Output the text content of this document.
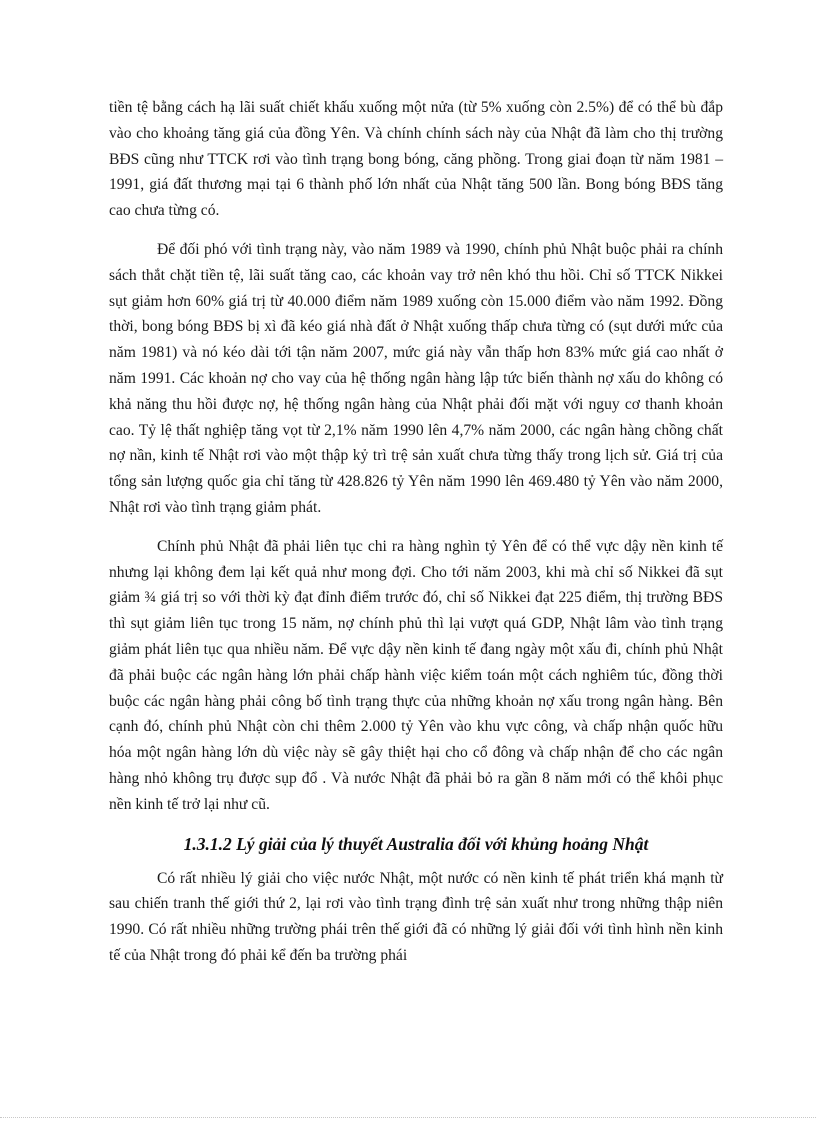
tiền tệ bằng cách hạ lãi suất chiết khấu xuống một nửa (từ 5% xuống còn 2.5%) để có thể bù đắp vào cho khoảng tăng giá của đồng Yên. Và chính chính sách này của Nhật đã làm cho thị trường BĐS cũng như TTCK rơi vào tình trạng bong bóng, căng phồng. Trong giai đoạn từ năm 1981 – 1991, giá đất thương mại tại 6 thành phố lớn nhất của Nhật tăng 500 lần. Bong bóng BĐS tăng cao chưa từng có.

Để đối phó với tình trạng này, vào năm 1989 và 1990, chính phủ Nhật buộc phải ra chính sách thắt chặt tiền tệ, lãi suất tăng cao, các khoản vay trở nên khó thu hồi. Chỉ số TTCK Nikkei sụt giảm hơn 60% giá trị từ 40.000 điểm năm 1989 xuống còn 15.000 điểm vào năm 1992. Đồng thời, bong bóng BĐS bị xì đã kéo giá nhà đất ở Nhật xuống thấp chưa từng có (sụt dưới mức của năm 1981) và nó kéo dài tới tận năm 2007, mức giá này vẫn thấp hơn 83% mức giá cao nhất ở năm 1991. Các khoản nợ cho vay của hệ thống ngân hàng lập tức biến thành nợ xấu do không có khả năng thu hồi được nợ, hệ thống ngân hàng của Nhật phải đối mặt với nguy cơ thanh khoản cao. Tỷ lệ thất nghiệp tăng vọt từ 2,1% năm 1990 lên 4,7% năm 2000, các ngân hàng chồng chất nợ nần, kinh tế Nhật rơi vào một thập kỷ trì trệ sản xuất chưa từng thấy trong lịch sử. Giá trị của tổng sản lượng quốc gia chỉ tăng từ 428.826 tỷ Yên năm 1990 lên 469.480 tỷ Yên vào năm 2000, Nhật rơi vào tình trạng giảm phát.

Chính phủ Nhật đã phải liên tục chi ra hàng nghìn tỷ Yên để có thể vực dậy nền kinh tế nhưng lại không đem lại kết quả như mong đợi. Cho tới năm 2003, khi mà chỉ số Nikkei đã sụt giảm ¾ giá trị so với thời kỳ đạt đỉnh điểm trước đó, chỉ số Nikkei đạt 225 điểm, thị trường BĐS thì sụt giảm liên tục trong 15 năm, nợ chính phủ thì lại vượt quá GDP, Nhật lâm vào tình trạng giảm phát liên tục qua nhiều năm. Để vực dậy nền kinh tế đang ngày một xấu đi, chính phủ Nhật đã phải buộc các ngân hàng lớn phải chấp hành việc kiểm toán một cách nghiêm túc, đồng thời buộc các ngân hàng phải công bố tình trạng thực của những khoản nợ xấu trong ngân hàng. Bên cạnh đó, chính phủ Nhật còn chi thêm 2.000 tỷ Yên vào khu vực công, và chấp nhận quốc hữu hóa một ngân hàng lớn dù việc này sẽ gây thiệt hại cho cổ đông và chấp nhận để cho các ngân hàng nhỏ không trụ được sụp đổ . Và nước Nhật đã phải bỏ ra gần 8 năm mới có thể khôi phục nền kinh tế trở lại như cũ.

1.3.1.2 Lý giải của lý thuyết Australia đối với khủng hoảng Nhật

Có rất nhiều lý giải cho việc nước Nhật, một nước có nền kinh tế phát triển khá mạnh từ sau chiến tranh thế giới thứ 2, lại rơi vào tình trạng đình trệ sản xuất như trong những thập niên 1990. Có rất nhiều những trường phái trên thế giới đã có những lý giải đối với tình hình nền kinh tế của Nhật trong đó phải kể đến ba trường phái
